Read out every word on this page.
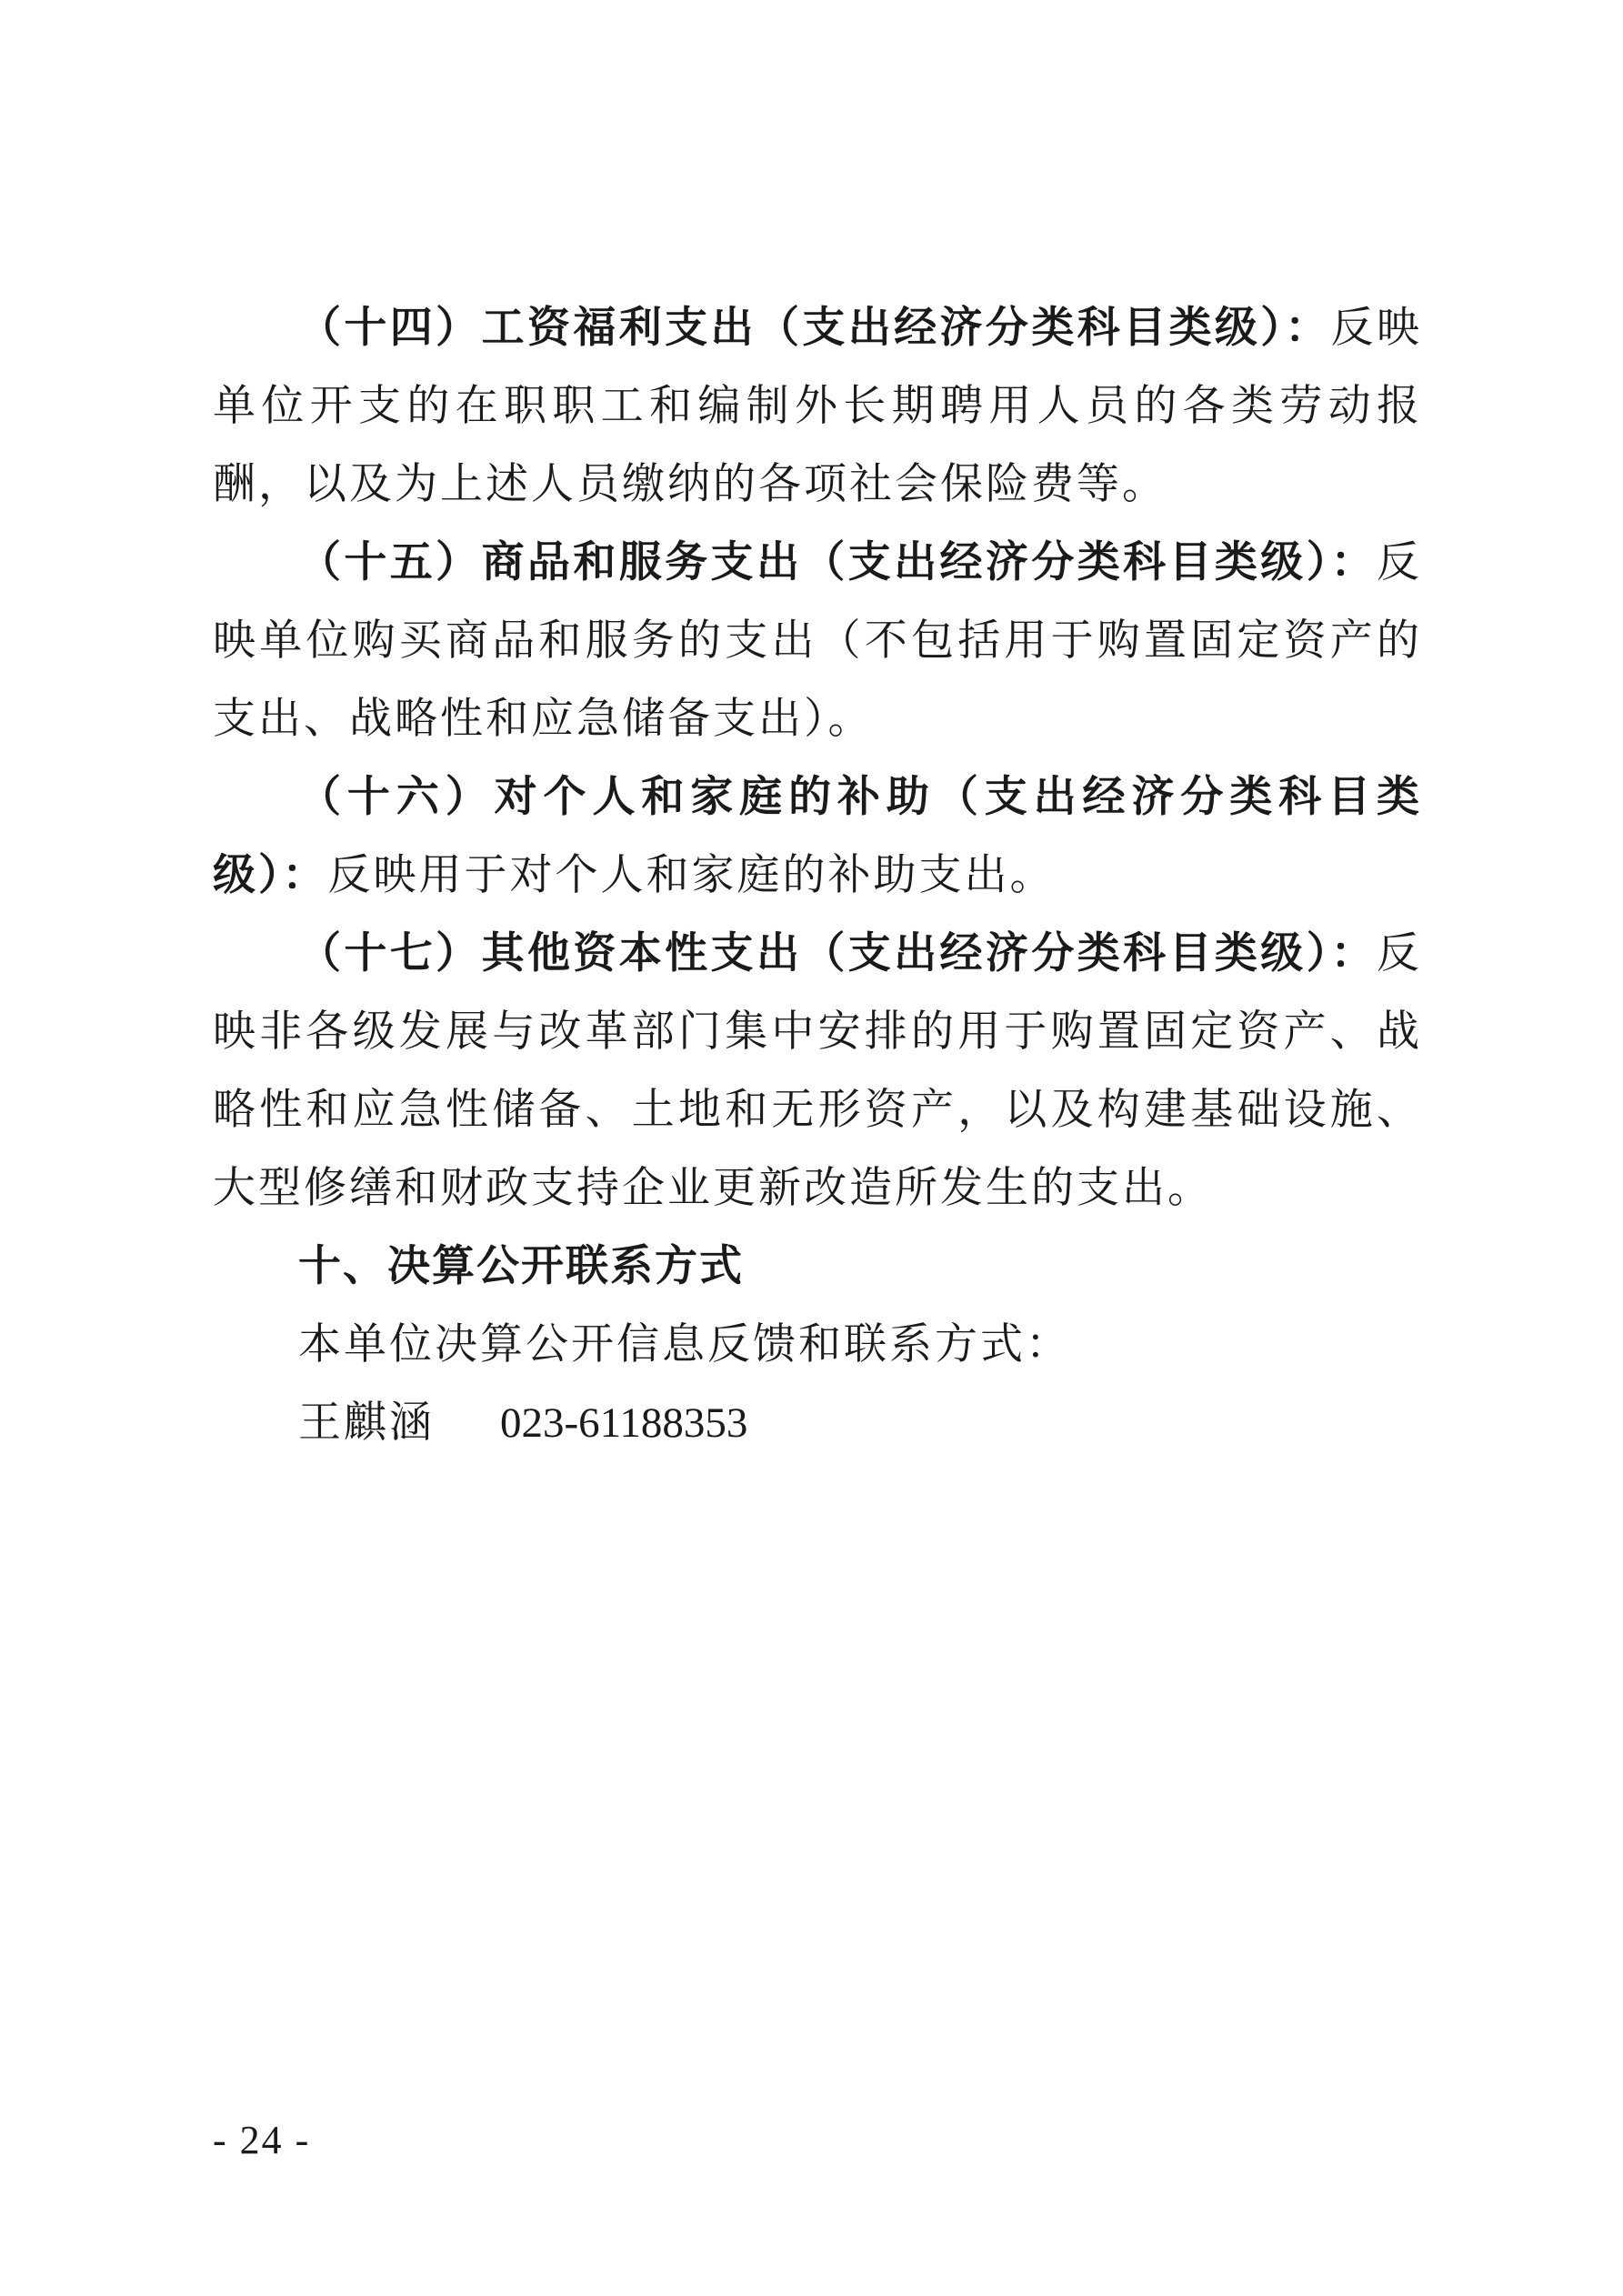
（十四）工资福利支出（支出经济分类科目类级）：反映单位开支的在职职工和编制外长期聘用人员的各类劳动报酬，以及为上述人员缴纳的各项社会保险费等。

（十五）商品和服务支出（支出经济分类科目类级）：反映单位购买商品和服务的支出（不包括用于购置固定资产的支出、战略性和应急储备支出）。

（十六）对个人和家庭的补助（支出经济分类科目类级）：反映用于对个人和家庭的补助支出。

（十七）其他资本性支出（支出经济分类科目类级）：反映非各级发展与改革部门集中安排的用于购置固定资产、战略性和应急性储备、土地和无形资产，以及构建基础设施、大型修缮和财政支持企业更新改造所发生的支出。

十、决算公开联系方式

本单位决算公开信息反馈和联系方式：

王麒涵 023-61188353

- 24 -
